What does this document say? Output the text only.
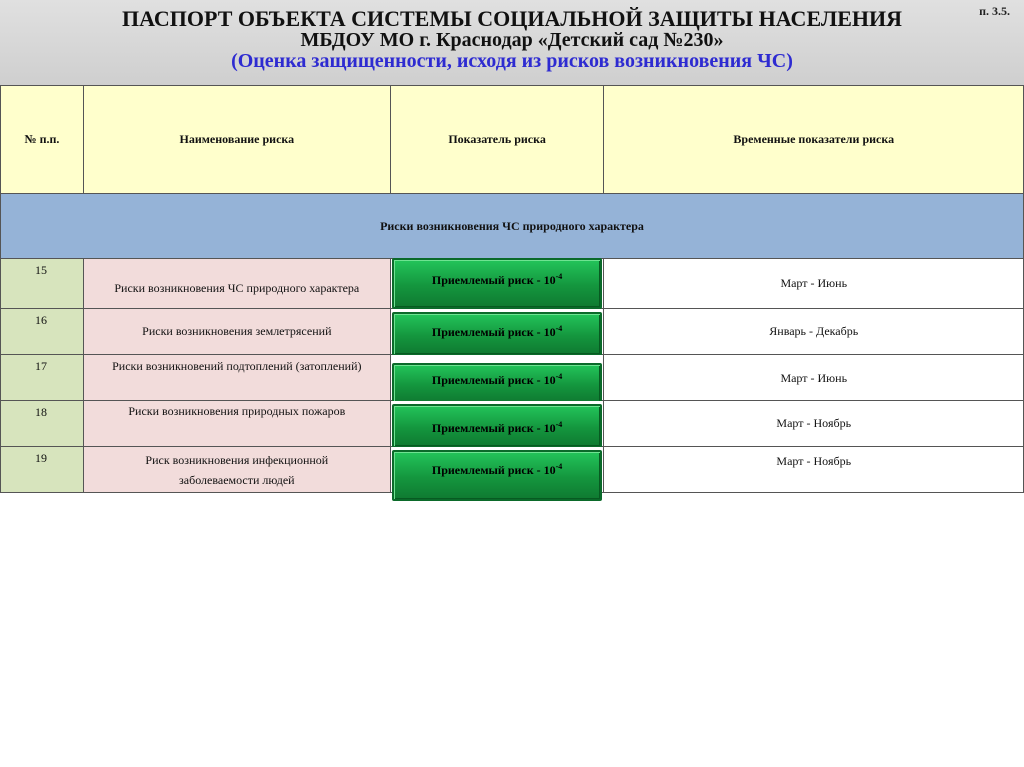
ПАСПОРТ ОБЪЕКТА СИСТЕМЫ СОЦИАЛЬНОЙ ЗАЩИТЫ НАСЕЛЕНИЯ
МБДОУ МО г. Краснодар «Детский сад №230»
(Оценка защищенности, исходя из рисков возникновения ЧС)
п. 3.5.
№ п.п.	Наименование риска	Показатель риска	Временные показатели риска
Риски возникновения ЧС природного характера			

15	Риски возникновения ЧС природного характера	Приемлемый риск - $10^{-4}$	Март - Июнь

16	Риски возникновения землетрясений	Приемлемый риск - $10^{-4}$	Январь - Декабрь

17	Риски возникновений подтоплений (затоплений)	Приемлемый риск - $10^{-4}$	Март - Июнь

18	Риски возникновения природных пожаров	Приемлемый риск - $10^{-4}$	Март - Ноябрь

19	Риск возникновения инфекционной заболеваемости людей	Приемлемый риск - $10^{-4}$	Март - Ноябрь
